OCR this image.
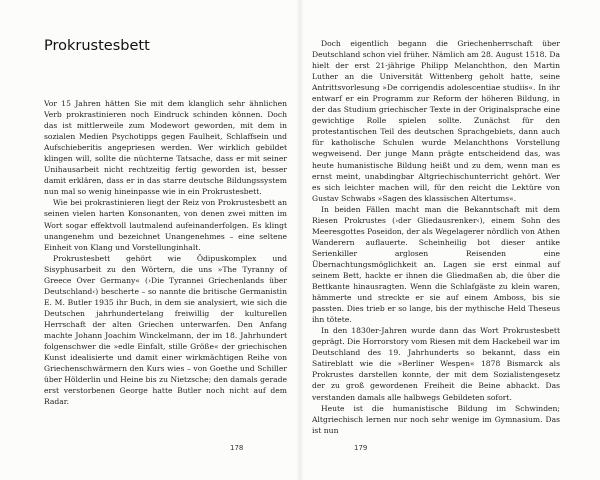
Prokrustesbett

Vor 15 Jahren hätten Sie mit dem klanglich sehr ähnlichen Verb prokrastinieren noch Eindruck schinden können. Doch das ist mittlerweile zum Modewort geworden, mit dem in sozialen Medien Psychotipps gegen Faulheit, Schlaffsein und Aufschieberitis angepriesen werden. Wer wirklich gebildet klingen will, sollte die nüchterne Tatsache, dass er mit seiner Unihausarbeit nicht rechtzeitig fertig geworden ist, besser damit erklären, dass er in das starre deutsche Bildungssystem nun mal so wenig hineinpasse wie in ein Prokrustesbett.

Wie bei prokrastinieren liegt der Reiz von Prokrustesbett an seinen vielen harten Konsonanten, von denen zwei mitten im Wort sogar effektvoll lautmalend aufeinanderfolgen. Es klingt unangenehm und bezeichnet Unangenehmes – eine seltene Einheit von Klang und Vorstellunginhalt.

Prokrustesbett gehört wie Ödipuskomplex und Sisyphusarbeit zu den Wörtern, die uns »The Tyranny of Greece Over Germany« (›Die Tyrannei Griechenlands über Deutschland‹) bescherte – so nannte die britische Germanistin E. M. Butler 1935 ihr Buch, in dem sie analysiert, wie sich die Deutschen jahrhundertelang freiwillig der kulturellen Herrschaft der alten Griechen unterwarfen. Den Anfang machte Johann Joachim Winckelmann, der im 18. Jahrhundert folgenschwer die »edle Einfalt, stille Größe« der griechischen Kunst idealisierte und damit einer wirkmächtigen Reihe von Griechenschwärmern den Kurs wies – von Goethe und Schiller über Hölderlin und Heine bis zu Nietzsche; den damals gerade erst verstorbenen George hatte Butler noch nicht auf dem Radar.

178

Doch eigentlich begann die Griechenherrschaft über Deutschland schon viel früher. Nämlich am 28. August 1518. Da hielt der erst 21-jährige Philipp Melanchthon, den Martin Luther an die Universität Wittenberg geholt hatte, seine Antrittsvorlesung »De corrigendis adolescentiae studiis«. In ihr entwarf er ein Programm zur Reform der höheren Bildung, in der das Studium griechischer Texte in der Originalsprache eine gewichtige Rolle spielen sollte. Zunächst für den protestantischen Teil des deutschen Sprachgebiets, dann auch für katholische Schulen wurde Melanchthons Vorstellung wegweisend. Der junge Mann prägte entscheidend das, was heute humanistische Bildung heißt und zu dem, wenn man es ernst meint, unabdingbar Altgriechischunterricht gehört. Wer es sich leichter machen will, für den reicht die Lektüre von Gustav Schwabs »Sagen des klassischen Altertums«.

In beiden Fällen macht man die Bekanntschaft mit dem Riesen Prokrustes (›der Gliedausrenker‹), einem Sohn des Meeresgottes Poseidon, der als Wegelagerer nördlich von Athen Wanderern auflauerte. Scheinheilig bot dieser antike Serienkiller arglosen Reisenden eine Übernachtungsmöglichkeit an. Lagen sie erst einmal auf seinem Bett, hackte er ihnen die Gliedmaßen ab, die über die Bettkante hinausragten. Wenn die Schlafgäste zu klein waren, hämmerte und streckte er sie auf einem Amboss, bis sie passten. Dies trieb er so lange, bis der mythische Held Theseus ihn tötete.

In den 1830er-Jahren wurde dann das Wort Prokrustesbett geprägt. Die Horrorstory vom Riesen mit dem Hackebeil war im Deutschland des 19. Jahrhunderts so bekannt, dass ein Satireblatt wie die »Berliner Wespen« 1878 Bismarck als Prokrustes darstellen konnte, der mit dem Sozialistengesetz der zu groß gewordenen Freiheit die Beine abhackt. Das verstanden damals alle halbwegs Gebildeten sofort.

Heute ist die humanistische Bildung im Schwinden; Altgriechisch lernen nur noch sehr wenige im Gymnasium. Das ist nun

179
